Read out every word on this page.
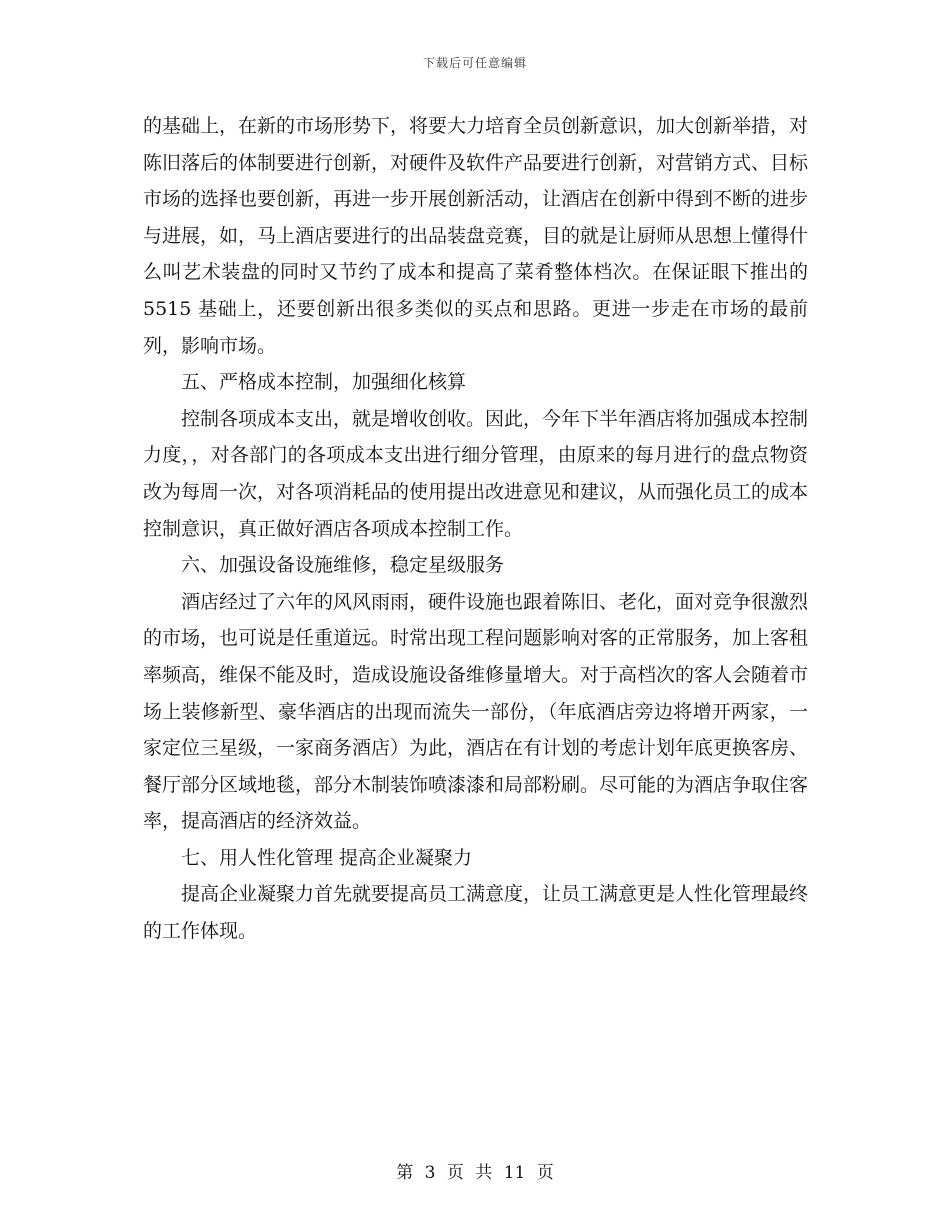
下载后可任意编辑

的基础上，在新的市场形势下，将要大力培育全员创新意识，加大创新举措，对陈旧落后的体制要进行创新，对硬件及软件产品要进行创新，对营销方式、目标市场的选择也要创新，再进一步开展创新活动，让酒店在创新中得到不断的进步与进展，如，马上酒店要进行的出品装盘竞赛，目的就是让厨师从思想上懂得什么叫艺术装盘的同时又节约了成本和提高了菜肴整体档次。在保证眼下推出的 5515 基础上，还要创新出很多类似的买点和思路。更进一步走在市场的最前列，影响市场。

五、严格成本控制，加强细化核算

控制各项成本支出，就是增收创收。因此，今年下半年酒店将加强成本控制力度，，对各部门的各项成本支出进行细分管理，由原来的每月进行的盘点物资改为每周一次，对各项消耗品的使用提出改进意见和建议，从而强化员工的成本控制意识，真正做好酒店各项成本控制工作。

六、加强设备设施维修，稳定星级服务

酒店经过了六年的风风雨雨，硬件设施也跟着陈旧、老化，面对竞争很激烈的市场，也可说是任重道远。时常出现工程问题影响对客的正常服务，加上客租率频高，维保不能及时，造成设施设备维修量增大。对于高档次的客人会随着市场上装修新型、豪华酒店的出现而流失一部份，（年底酒店旁边将增开两家，一家定位三星级，一家商务酒店）为此，酒店在有计划的考虑计划年底更换客房、餐厅部分区域地毯，部分木制装饰喷漆漆和局部粉刷。尽可能的为酒店争取住客率，提高酒店的经济效益。

七、用人性化管理 提高企业凝聚力

提高企业凝聚力首先就要提高员工满意度，让员工满意更是人性化管理最终的工作体现。

第 3 页 共 11 页
